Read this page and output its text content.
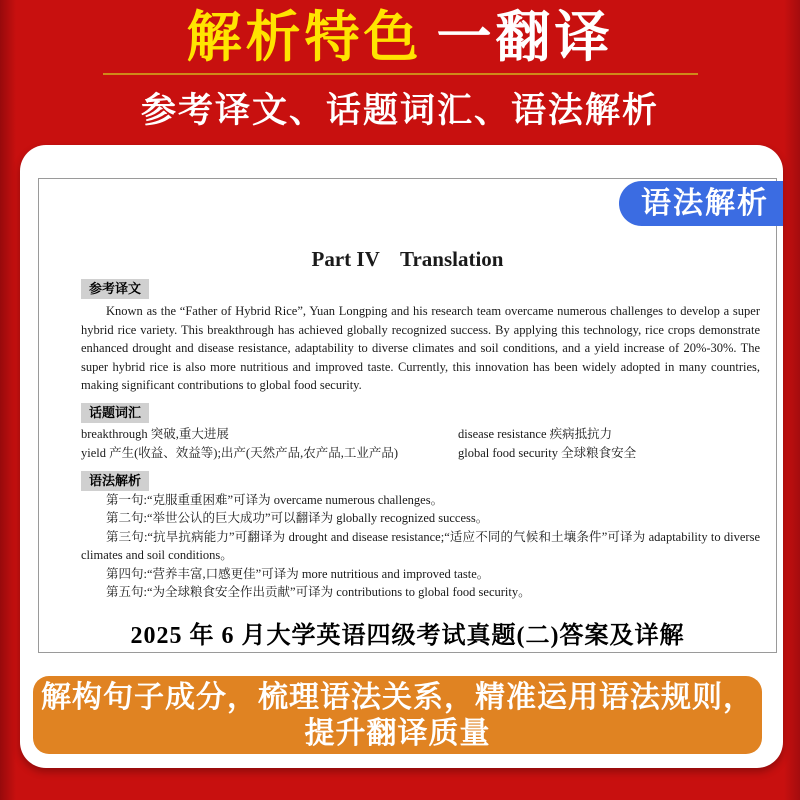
解析特色 一翻译
参考译文、话题词汇、语法解析
Part IV    Translation
参考译文

Known as the “Father of Hybrid Rice”, Yuan Longping and his research team overcame numerous challenges to develop a super hybrid rice variety. This breakthrough has achieved globally recognized success. By applying this technology, rice crops demonstrate enhanced drought and disease resistance, adaptability to diverse climates and soil conditions, and a yield increase of 20%-30%. The super hybrid rice is also more nutritious and improved taste. Currently, this innovation has been widely adopted in many countries, making significant contributions to global food security.

话题词汇
breakthrough 突破,重大进展	disease resistance 疾病抵抗力
yield 产生(收益、效益等);出产(天然产品,农产品,工业产品)	global food security 全球粮食安全
语法解析

第一句:“克服重重困难”可译为 overcame numerous challenges。

第二句:“举世公认的巨大成功”可以翻译为 globally recognized success。

第三句:“抗旱抗病能力”可翻译为 drought and disease resistance;“适应不同的气候和土壤条件”可译为 adaptability to diverse climates and soil conditions。

第四句:“营养丰富,口感更佳”可译为 more nutritious and improved taste。

第五句:“为全球粮食安全作出贡献”可译为 contributions to global food security。

2025 年 6 月大学英语四级考试真题(二)答案及详解
语法解析
解构句子成分，梳理语法关系，精准运用语法规则，
提升翻译质量
